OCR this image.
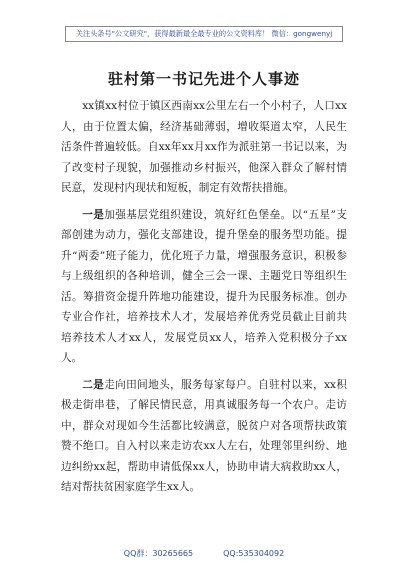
关注头条号"公文研究"，获得最新最全最专业的公文资料库！ 微信：gongwenyj
驻村第一书记先进个人事迹

xx镇xx村位于镇区西南xx公里左右一个小村子，人口xx人，由于位置太偏，经济基础薄弱，增收渠道太窄，人民生活条件普遍较低。自xx年xx月xx作为派驻第一书记以来，为了改变村子现貌，加强推动乡村振兴，他深入群众了解村情民意，发现村内现状和短板，制定有效帮扶措施。

一是加强基层党组织建设，筑好红色堡垒。以“五星”支部创建为动力，强化支部建设，提升堡垒的服务型功能。提升“两委”班子能力，优化班子力量，增强服务意识，积极参与上级组织的各种培训，健全三会一课、主题党日等组织生活。筹措资金提升阵地功能建设，提升为民服务标准。创办专业合作社，培养技术人才，发展培养优秀党员截止目前共培养技术人才xx人，发展党员xx人，培养入党积极分子xx人。

二是走向田间地头，服务每家每户。自驻村以来，xx积极走街串巷，了解民情民意，用真诚服务每一个农户。走访中，群众对现如今生活都比较满意，脱贫户对各项帮扶政策赞不绝口。自入村以来走访农xx人左右，处理邻里纠纷、地边纠纷xx起，帮助申请低保xx人，协助申请大病救助xx人，结对帮扶贫困家庭学生xx人。

QQ群：30265665	QQ:535304092
